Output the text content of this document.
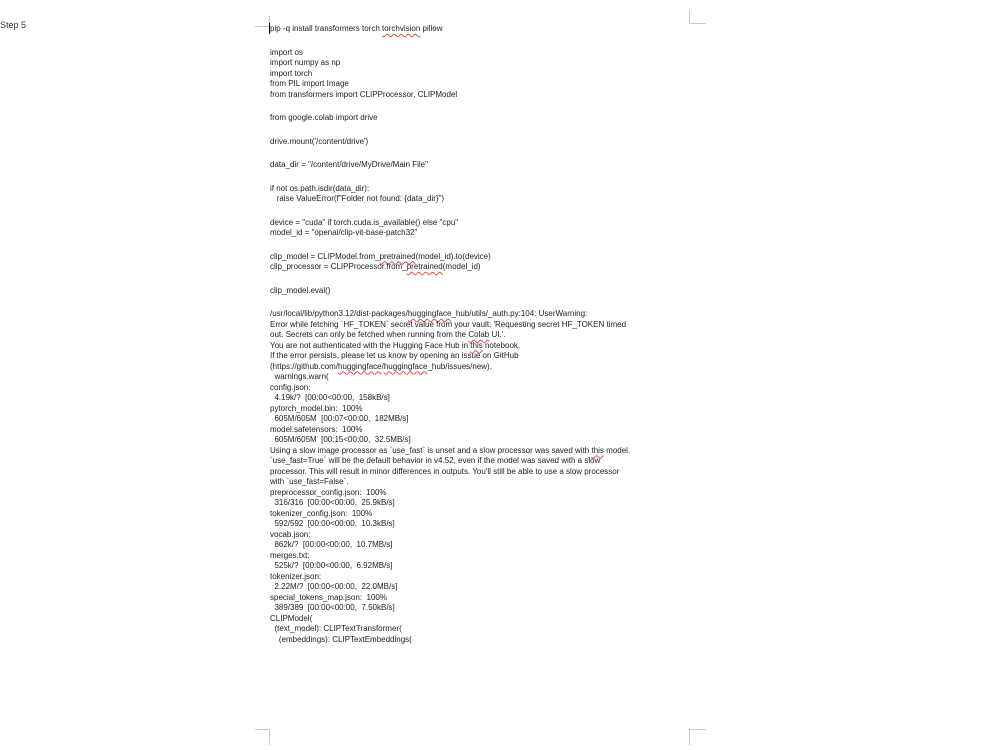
Step 5	pip -q install transformers torch torchvision pillow
import os
import numpy as np
import torch
from PIL import Image
from transformers import CLIPProcessor, CLIPModel
from google.colab import drive
drive.mount('/content/drive')
data_dir = "/content/drive/MyDrive/Main File"
if not os.path.isdir(data_dir):
raise ValueError(f"Folder not found: {data_dir}")
device = "cuda" if torch.cuda.is_available() else "cpu"
model_id = "openai/clip-vit-base-patch32"
clip_model = CLIPModel.from_pretrained(model_id).to(device)
clip_processor = CLIPProcessor.from_pretrained(model_id)
clip_model.eval()
/usr/local/lib/python3.12/dist-packages/huggingface_hub/utils/_auth.py:104: UserWarning:
Error while fetching `HF_TOKEN` secret value from your vault: 'Requesting secret HF_TOKEN timed
out. Secrets can only be fetched when running from the Colab UI.'.
You are not authenticated with the Hugging Face Hub in this notebook.
If the error persists, please let us know by opening an issue on GitHub
(https://github.com/huggingface/huggingface_hub/issues/new).
warnings.warn(
config.json:
4.19k/?  [00:00<00:00,  158kB/s]
pytorch_model.bin:  100%
605M/605M  [00:07<00:00,  182MB/s]
model.safetensors:  100%
605M/605M  [00:15<00:00,  32.5MB/s]
Using a slow image processor as `use_fast` is unset and a slow processor was saved with this model.
`use_fast=True` will be the default behavior in v4.52, even if the model was saved with a slow
processor. This will result in minor differences in outputs. You'll still be able to use a slow processor
with `use_fast=False`.
preprocessor_config.json:  100%
316/316  [00:00<00:00,  25.9kB/s]
tokenizer_config.json:  100%
592/592  [00:00<00:00,  10.3kB/s]
vocab.json:
862k/?  [00:00<00:00,  10.7MB/s]
merges.txt:
525k/?  [00:00<00:00,  6.92MB/s]
tokenizer.json:
2.22M/?  [00:00<00:00,  22.0MB/s]
special_tokens_map.json:  100%
389/389  [00:00<00:00,  7.50kB/s]
CLIPModel(
(text_model): CLIPTextTransformer(
(embeddings): CLIPTextEmbeddings(
